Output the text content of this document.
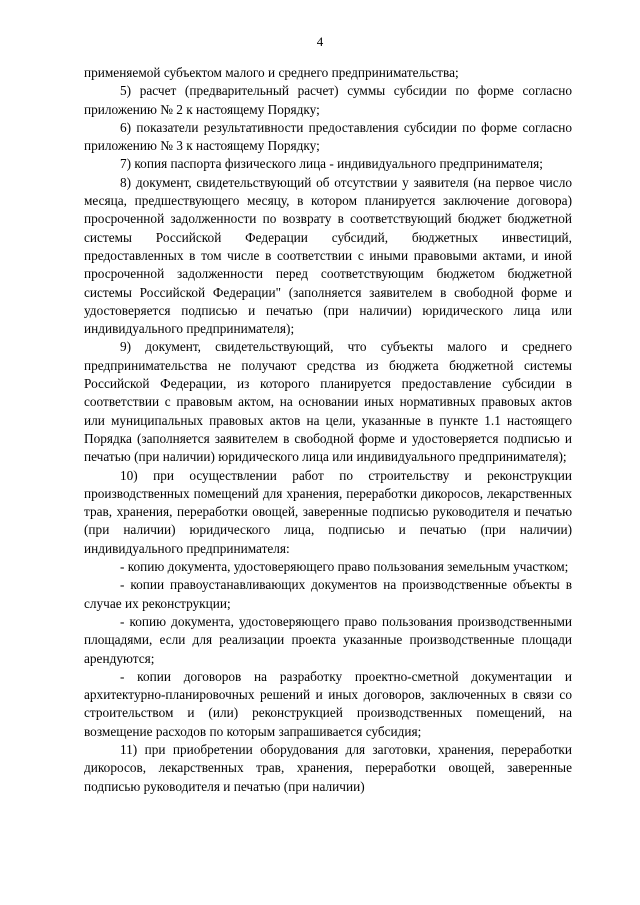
4

применяемой субъектом малого и среднего предпринимательства;

5) расчет (предварительный расчет) суммы субсидии по форме согласно приложению № 2 к настоящему Порядку;

6) показатели результативности предоставления субсидии по форме согласно приложению № 3 к настоящему Порядку;

7) копия паспорта физического лица - индивидуального предпринимателя;

8) документ, свидетельствующий об отсутствии у заявителя (на первое число месяца, предшествующего месяцу, в котором планируется заключение договора) просроченной задолженности по возврату в соответствующий бюджет бюджетной системы Российской Федерации субсидий, бюджетных инвестиций, предоставленных в том числе в соответствии с иными правовыми актами, и иной просроченной задолженности перед соответствующим бюджетом бюджетной системы Российской Федерации" (заполняется заявителем в свободной форме и удостоверяется подписью и печатью (при наличии) юридического лица или индивидуального предпринимателя);

9) документ, свидетельствующий, что субъекты малого и среднего предпринимательства не получают средства из бюджета бюджетной системы Российской Федерации, из которого планируется предоставление субсидии в соответствии с правовым актом, на основании иных нормативных правовых актов или муниципальных правовых актов на цели, указанные в пункте 1.1 настоящего Порядка (заполняется заявителем в свободной форме и удостоверяется подписью и печатью (при наличии) юридического лица или индивидуального предпринимателя);

10) при осуществлении работ по строительству и реконструкции производственных помещений для хранения, переработки дикоросов, лекарственных трав, хранения, переработки овощей, заверенные подписью руководителя и печатью (при наличии) юридического лица, подписью и печатью (при наличии) индивидуального предпринимателя:

- копию документа, удостоверяющего право пользования земельным участком;

- копии правоустанавливающих документов на производственные объекты в случае их реконструкции;

- копию документа, удостоверяющего право пользования производственными площадями, если для реализации проекта указанные производственные площади арендуются;

- копии договоров на разработку проектно-сметной документации и архитектурно-планировочных решений и иных договоров, заключенных в связи со строительством и (или) реконструкцией производственных помещений, на возмещение расходов по которым запрашивается субсидия;

11) при приобретении оборудования для заготовки, хранения, переработки дикоросов, лекарственных трав, хранения, переработки овощей, заверенные подписью руководителя и печатью (при наличии)
